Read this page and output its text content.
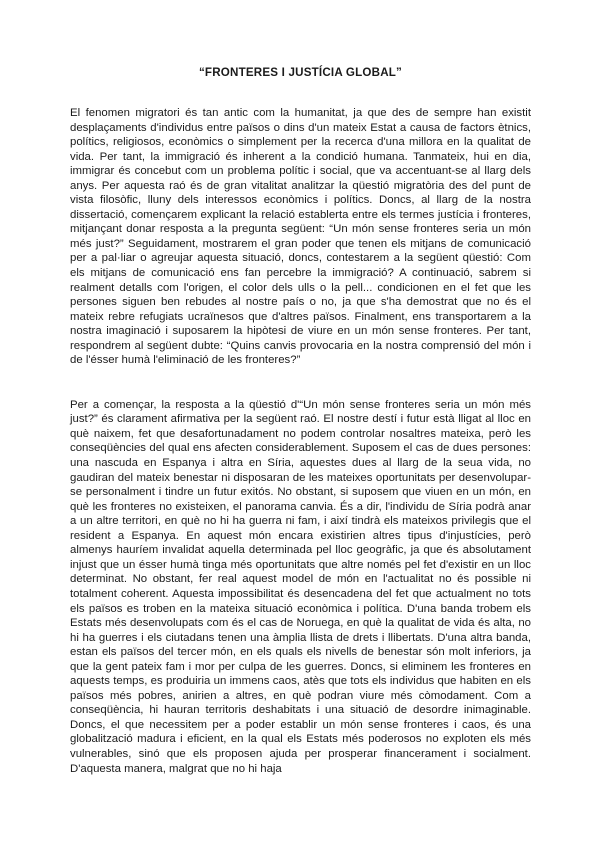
“FRONTERES I JUSTÍCIA GLOBAL”

El fenomen migratori és tan antic com la humanitat, ja que des de sempre han existit desplaçaments d'individus entre països o dins d'un mateix Estat a causa de factors ètnics, polítics, religiosos, econòmics o simplement per la recerca d'una millora en la qualitat de vida. Per tant, la immigració és inherent a la condició humana. Tanmateix, hui en dia, immigrar és concebut com un problema polític i social, que va accentuant-se al llarg dels anys. Per aquesta raó és de gran vitalitat analitzar la qüestió migratòria des del punt de vista filosòfic, lluny dels interessos econòmics i polítics. Doncs, al llarg de la nostra dissertació, començarem explicant la relació establerta entre els termes justícia i fronteres, mitjançant donar resposta a la pregunta següent: “Un món sense fronteres seria un món més just?” Seguidament, mostrarem el gran poder que tenen els mitjans de comunicació per a pal·liar o agreujar aquesta situació, doncs, contestarem a la següent qüestió: Com els mitjans de comunicació ens fan percebre la immigració? A continuació, sabrem si realment detalls com l'origen, el color dels ulls o la pell... condicionen en el fet que les persones siguen ben rebudes al nostre país o no, ja que s'ha demostrat que no és el mateix rebre refugiats ucraïnesos que d'altres països. Finalment, ens transportarem a la nostra imaginació i suposarem la hipòtesi de viure en un món sense fronteres. Per tant, respondrem al següent dubte: “Quins canvis provocaria en la nostra comprensió del món i de l'ésser humà l'eliminació de les fronteres?”

Per a començar, la resposta a la qüestió d'“Un món sense fronteres seria un món més just?” és clarament afirmativa per la següent raó. El nostre destí i futur està lligat al lloc en què naixem, fet que desafortunadament no podem controlar nosaltres mateixa, però les conseqüències del qual ens afecten considerablement. Suposem el cas de dues persones: una nascuda en Espanya i altra en Síria, aquestes dues al llarg de la seua vida, no gaudiran del mateix benestar ni disposaran de les mateixes oportunitats per desenvolupar-se personalment i tindre un futur exitós. No obstant, si suposem que viuen en un món, en què les fronteres no existeixen, el panorama canvia. És a dir, l'individu de Síria podrà anar a un altre territori, en què no hi ha guerra ni fam, i així tindrà els mateixos privilegis que el resident a Espanya. En aquest món encara existirien altres tipus d'injustícies, però almenys hauríem invalidat aquella determinada pel lloc geogràfic, ja que és absolutament injust que un ésser humà tinga més oportunitats que altre només pel fet d'existir en un lloc determinat. No obstant, fer real aquest model de món en l'actualitat no és possible ni totalment coherent. Aquesta impossibilitat és desencadena del fet que actualment no tots els països es troben en la mateixa situació econòmica i política. D'una banda trobem els Estats més desenvolupats com és el cas de Noruega, en què la qualitat de vida és alta, no hi ha guerres i els ciutadans tenen una àmplia llista de drets i llibertats. D'una altra banda, estan els països del tercer món, en els quals els nivells de benestar són molt inferiors, ja que la gent pateix fam i mor per culpa de les guerres. Doncs, si eliminem les fronteres en aquests temps, es produiria un immens caos, atès que tots els individus que habiten en els països més pobres, anirien a altres, en què podran viure més còmodament. Com a conseqüència, hi hauran territoris deshabitats i una situació de desordre inimaginable. Doncs, el que necessitem per a poder establir un món sense fronteres i caos, és una globalització madura i eficient, en la qual els Estats més poderosos no exploten els més vulnerables, sinó que els proposen ajuda per prosperar financerament i socialment. D'aquesta manera, malgrat que no hi haja
